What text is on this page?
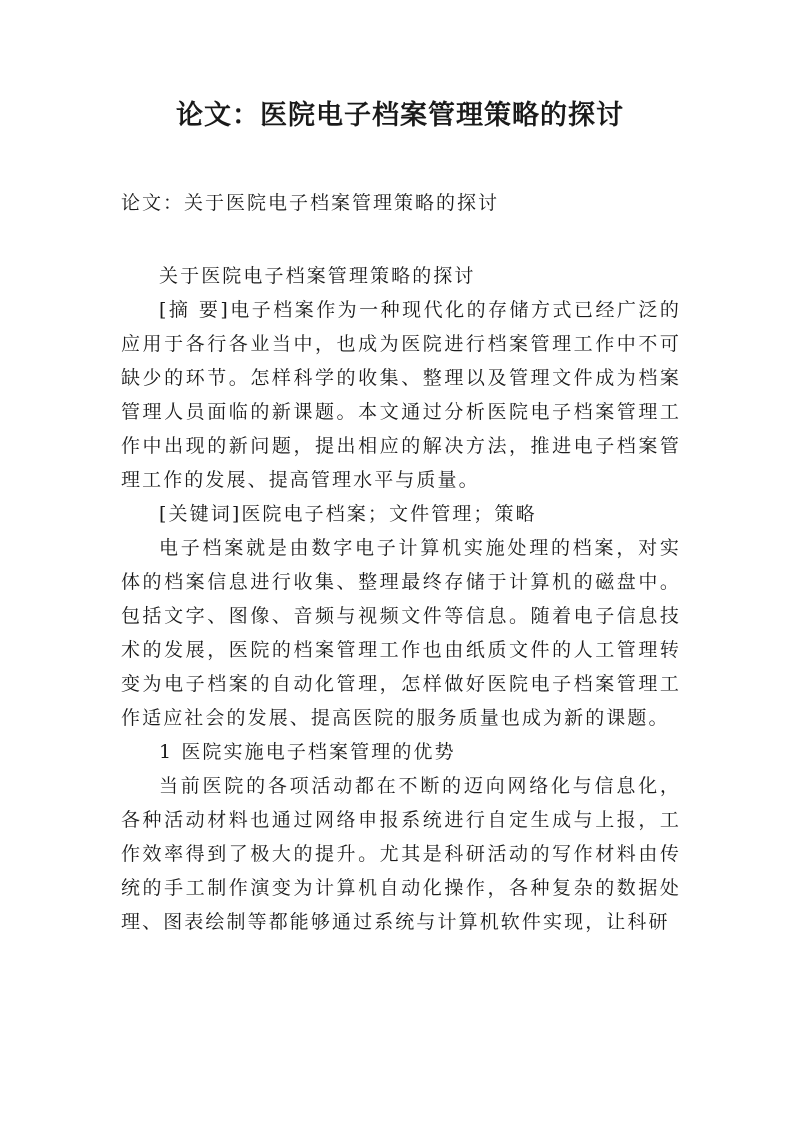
论文：医院电子档案管理策略的探讨

论文：关于医院电子档案管理策略的探讨

关于医院电子档案管理策略的探讨

[摘 要]电子档案作为一种现代化的存储方式已经广泛的应用于各行各业当中，也成为医院进行档案管理工作中不可缺少的环节。怎样科学的收集、整理以及管理文件成为档案管理人员面临的新课题。本文通过分析医院电子档案管理工作中出现的新问题，提出相应的解决方法，推进电子档案管理工作的发展、提高管理水平与质量。

[关键词]医院电子档案；文件管理；策略

电子档案就是由数字电子计算机实施处理的档案，对实体的档案信息进行收集、整理最终存储于计算机的磁盘中。包括文字、图像、音频与视频文件等信息。随着电子信息技术的发展，医院的档案管理工作也由纸质文件的人工管理转变为电子档案的自动化管理，怎样做好医院电子档案管理工作适应社会的发展、提高医院的服务质量也成为新的课题。

1 医院实施电子档案管理的优势

当前医院的各项活动都在不断的迈向网络化与信息化，各种活动材料也通过网络申报系统进行自定生成与上报，工作效率得到了极大的提升。尤其是科研活动的写作材料由传统的手工制作演变为计算机自动化操作，各种复杂的数据处理、图表绘制等都能够通过系统与计算机软件实现，让科研
